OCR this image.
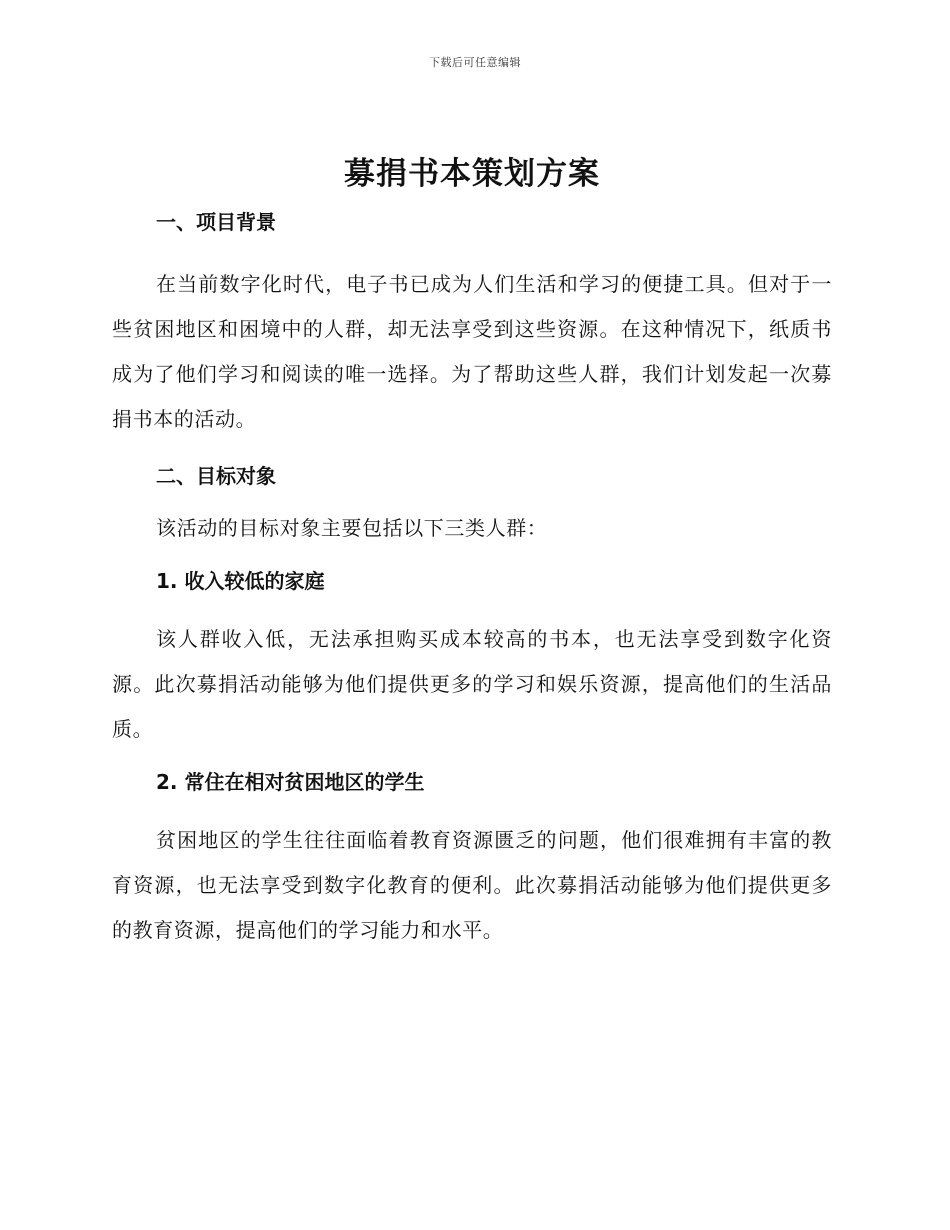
下载后可任意编辑
募捐书本策划方案
一、项目背景

在当前数字化时代，电子书已成为人们生活和学习的便捷工具。但对于一些贫困地区和困境中的人群，却无法享受到这些资源。在这种情况下，纸质书成为了他们学习和阅读的唯一选择。为了帮助这些人群，我们计划发起一次募捐书本的活动。

二、目标对象

该活动的目标对象主要包括以下三类人群：

1. 收入较低的家庭

该人群收入低，无法承担购买成本较高的书本，也无法享受到数字化资源。此次募捐活动能够为他们提供更多的学习和娱乐资源，提高他们的生活品质。

2. 常住在相对贫困地区的学生

贫困地区的学生往往面临着教育资源匮乏的问题，他们很难拥有丰富的教育资源，也无法享受到数字化教育的便利。此次募捐活动能够为他们提供更多的教育资源，提高他们的学习能力和水平。
